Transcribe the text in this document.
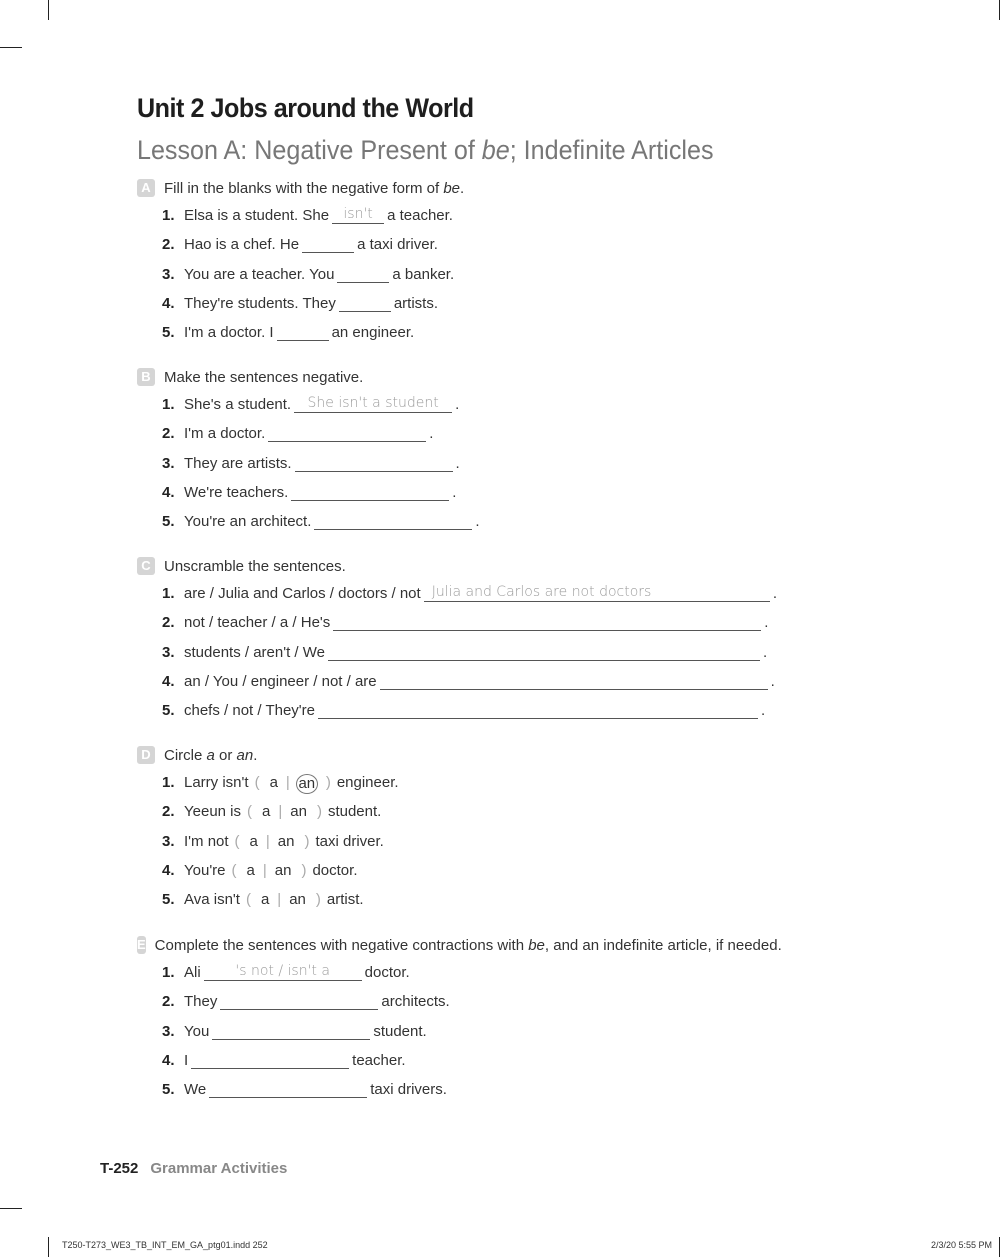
Unit 2 Jobs around the World
Lesson A: Negative Present of be; Indefinite Articles
A Fill in the blanks with the negative form of be.
1. Elsa is a student. She	isn't a teacher.
2. Hao is a chef. He	a taxi driver.
3. You are a teacher. You	a banker.
4. They're students. They	artists.
5. I'm a doctor. I	an engineer.
B Make the sentences negative.
1. She's a student.	She isn't a student	.
2. I'm a doctor.	.
3. They are artists.	.
4. We're teachers.	.
5. You're an architect.	.
C Unscramble the sentences.
1. are / Julia and Carlos / doctors / not Julia and Carlos are not doctors	.
2. not / teacher / a / He's	.
3. students / aren't / We	.
4. an / You / engineer / not / are	.
5. chefs / not / They're	.
D Circle a or an.
1. Larry isn't ( a | an ) engineer.
2. Yeeun is ( a | an ) student.
3. I'm not ( a | an ) taxi driver.
4. You're ( a | an ) doctor.
5. Ava isn't ( a | an ) artist.
E Complete the sentences with negative contractions with be, and an indefinite article, if needed.
1. Ali	's not / isn't a	doctor.
2. They	architects.
3. You	student.
4. I	teacher.
5. We	taxi drivers.
T-252 Grammar Activities
T250-T273_WE3_TB_INT_EM_GA_ptg01.indd 252	2/3/20 5:55 PM
